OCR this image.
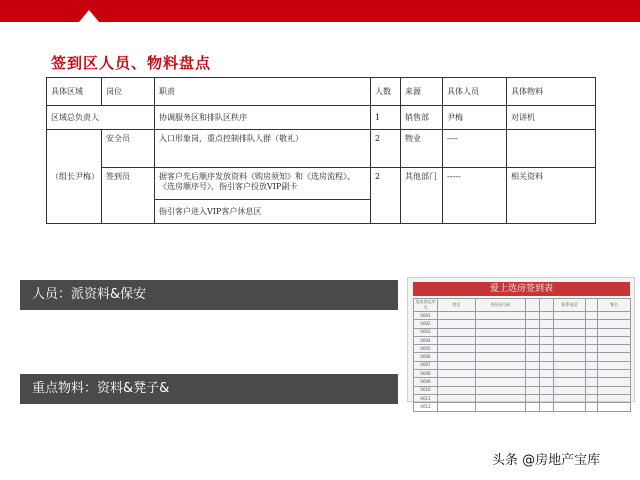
签到区人员、物料盘点
具体区域	岗位	职责	人数	来源	具体人员	具体物料
区域总负责人		协调服务区和排队区秩序	1	销售部	尹梅	对讲机
（组长尹梅）	安全员	入口形象岗，重点控制排队人群（敬礼）	2	物业	----	
	签到员	据客户先后顺序发放资料《购房须知》和《选房流程》、《选房顺序号》，指引客户投放VIP副卡	2	其他部门	-----	相关资料
		指引客户进入VIP客户休息区				
人员：派资料&保安
重点物料：资料&凳子&
爱上选房签到表
选房登记序号	姓名	身份证号码			联系电话		签名
0001							
0002							
0003							
0004							
0005							
0006							
0007							
0008							
0009							
0010							
0011							
0012							
头条 @房地产宝库
